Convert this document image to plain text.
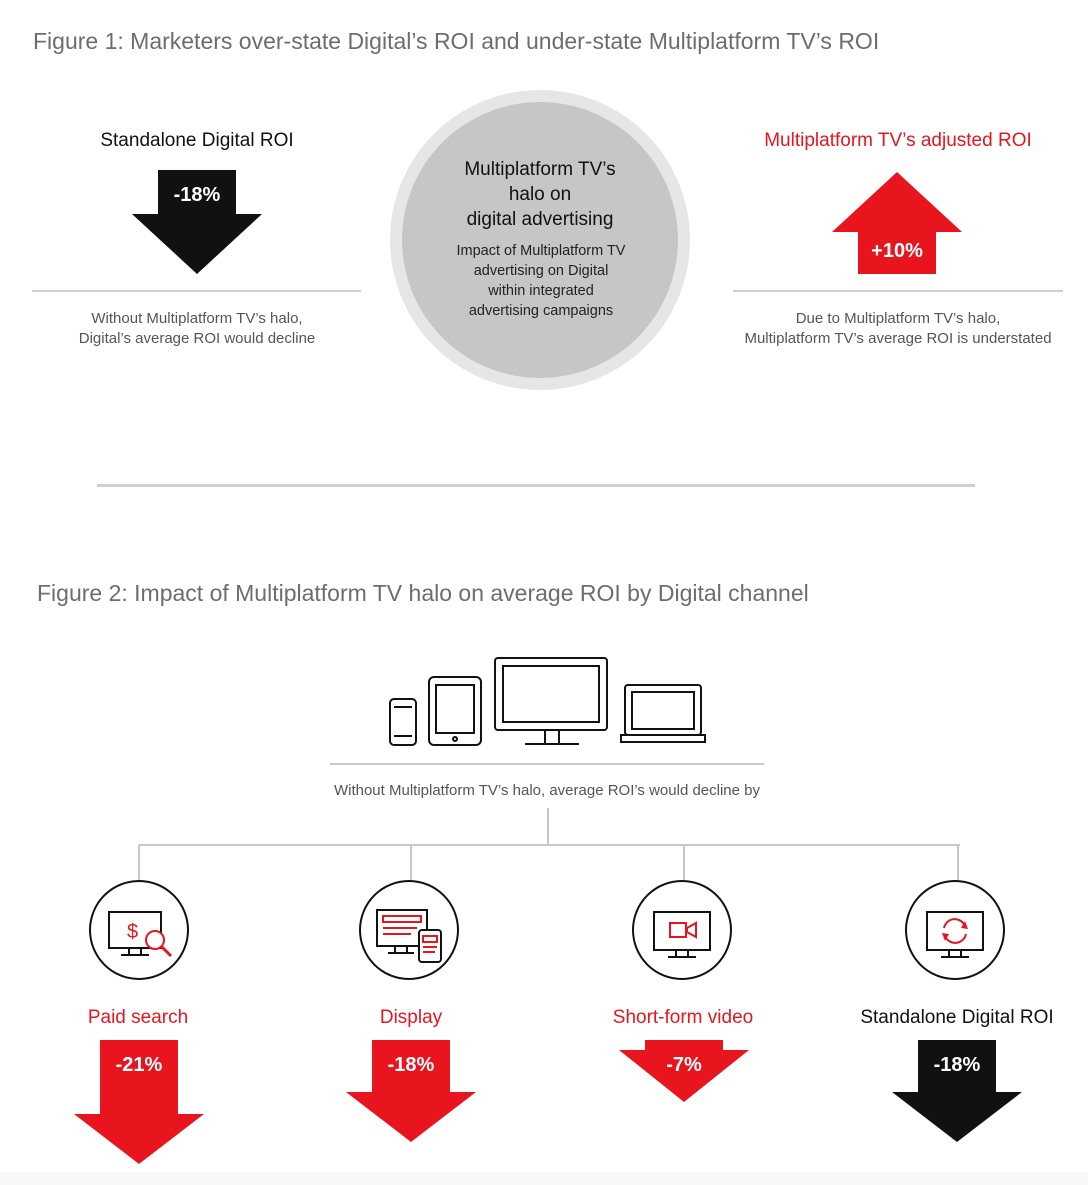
Figure 1: Marketers over-state Digital’s ROI and under-state Multiplatform TV’s ROI
Standalone Digital ROI
-18%
Without Multiplatform TV’s halo,
Digital’s average ROI would decline
Multiplatform TV’s
halo on
digital advertising
Impact of Multiplatform TV
advertising on Digital
within integrated
advertising campaigns
Multiplatform TV’s adjusted ROI
+10%
Due to Multiplatform TV’s halo,
Multiplatform TV’s average ROI is understated
Figure 2: Impact of Multiplatform TV halo on average ROI by Digital channel
Without Multiplatform TV’s halo, average ROI’s would decline by
$
Paid search
-21%
Display
-18%
Short-form video
-7%
Standalone Digital ROI
-18%
